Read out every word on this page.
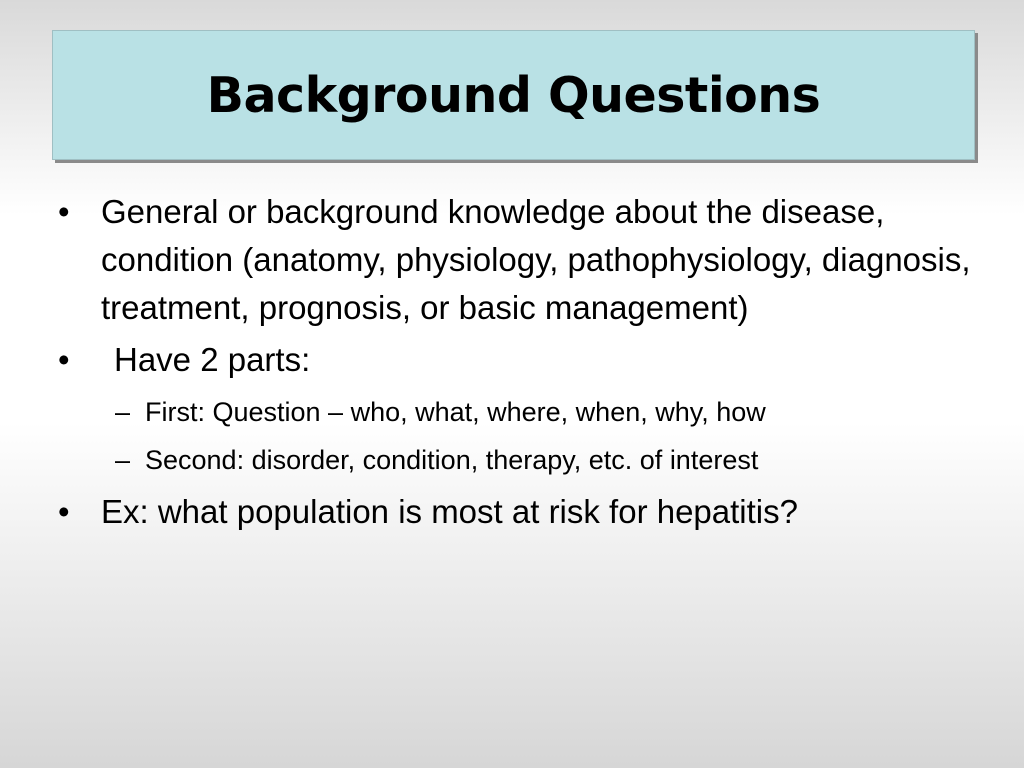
Background Questions
• General or background knowledge about the disease, condition (anatomy, physiology, pathophysiology, diagnosis, treatment, prognosis, or basic management)
• Have 2 parts:
– First: Question – who, what, where, when, why, how
– Second: disorder, condition, therapy, etc. of interest
• Ex: what population is most at risk for hepatitis?
